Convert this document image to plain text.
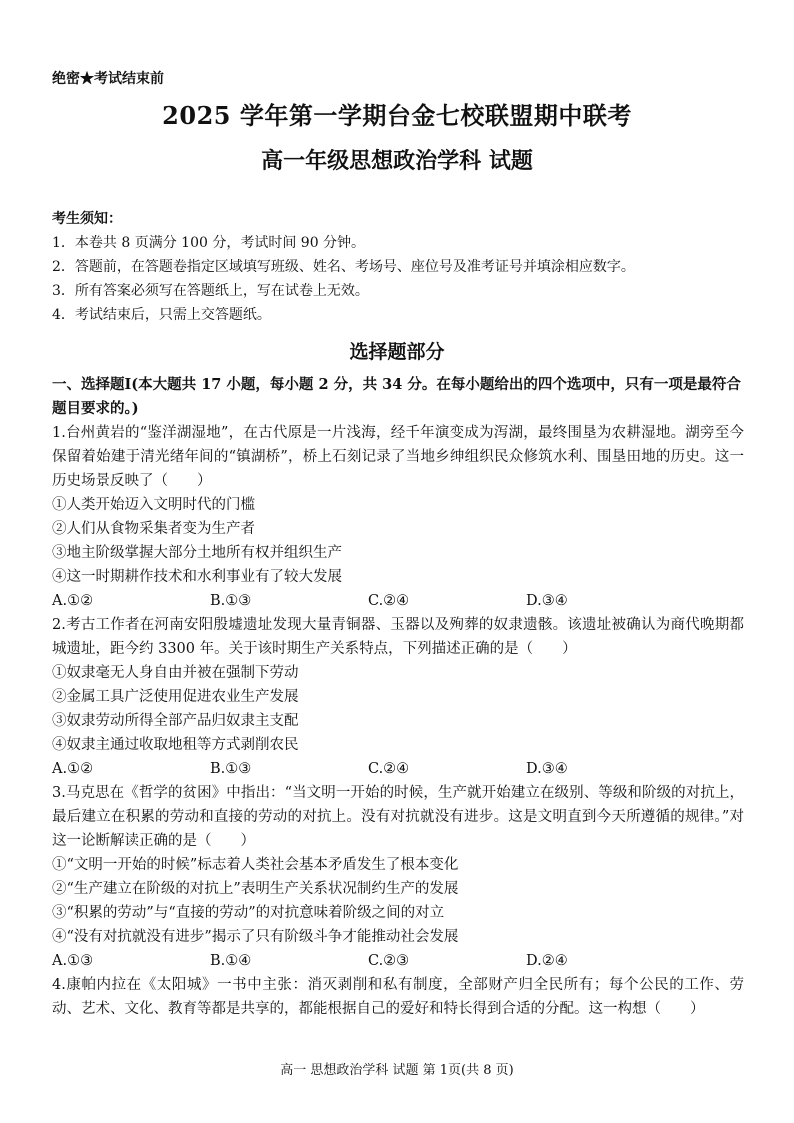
绝密★考试结束前
2025 学年第一学期台金七校联盟期中联考
高一年级思想政治学科 试题
考生须知：
1．本卷共 8 页满分 100 分，考试时间 90 分钟。
2．答题前，在答题卷指定区域填写班级、姓名、考场号、座位号及准考证号并填涂相应数字。
3．所有答案必须写在答题纸上，写在试卷上无效。
4．考试结束后，只需上交答题纸。
选择题部分
一、选择题Ⅰ(本大题共 17 小题，每小题 2 分，共 34 分。在每小题给出的四个选项中，只有一项是最符合题目要求的。)
1.台州黄岩的“鉴洋湖湿地”，在古代原是一片浅海，经千年演变成为泻湖，最终围垦为农耕湿地。湖旁至今保留着始建于清光绪年间的“镇湖桥”，桥上石刻记录了当地乡绅组织民众修筑水利、围垦田地的历史。这一历史场景反映了（　　）
①人类开始迈入文明时代的门槛
②人们从食物采集者变为生产者
③地主阶级掌握大部分土地所有权并组织生产
④这一时期耕作技术和水利事业有了较大发展
A.①②	B.①③	C.②④	D.③④
2.考古工作者在河南安阳殷墟遗址发现大量青铜器、玉器以及殉葬的奴隶遗骸。该遗址被确认为商代晚期都城遗址，距今约 3300 年。关于该时期生产关系特点，下列描述正确的是（　　）
①奴隶毫无人身自由并被在强制下劳动
②金属工具广泛使用促进农业生产发展
③奴隶劳动所得全部产品归奴隶主支配
④奴隶主通过收取地租等方式剥削农民
A.①②	B.①③	C.②④	D.③④
3.马克思在《哲学的贫困》中指出：“当文明一开始的时候，生产就开始建立在级别、等级和阶级的对抗上，最后建立在积累的劳动和直接的劳动的对抗上。没有对抗就没有进步。这是文明直到今天所遵循的规律。”对这一论断解读正确的是（　　）
①“文明一开始的时候”标志着人类社会基本矛盾发生了根本变化
②“生产建立在阶级的对抗上”表明生产关系状况制约生产的发展
③“积累的劳动”与“直接的劳动”的对抗意味着阶级之间的对立
④“没有对抗就没有进步”揭示了只有阶级斗争才能推动社会发展
A.①③	B.①④	C.②③	D.②④
4.康帕内拉在《太阳城》一书中主张：消灭剥削和私有制度，全部财产归全民所有；每个公民的工作、劳动、艺术、文化、教育等都是共享的，都能根据自己的爱好和特长得到合适的分配。这一构想（　　）
高一 思想政治学科 试题 第 1页(共 8 页)
